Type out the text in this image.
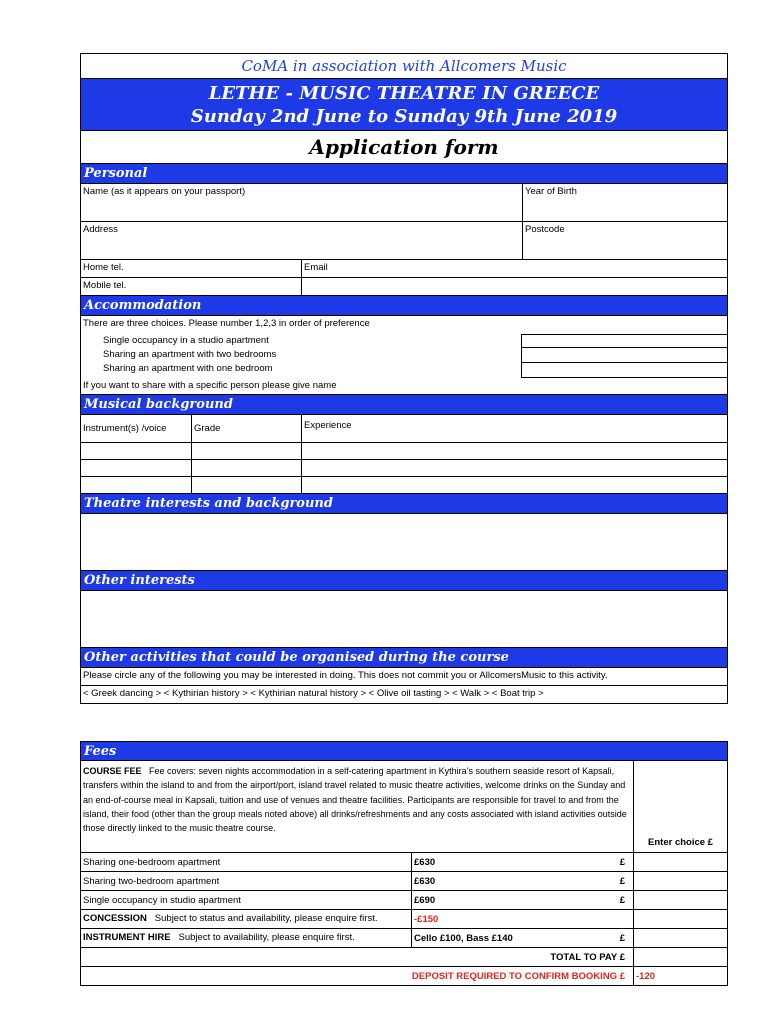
CoMA in association with Allcomers Music
LETHE - MUSIC THEATRE IN GREECE
Sunday 2nd June to Sunday 9th June 2019
Application form
Personal
Name (as it appears on your passport)	Year of Birth
Address	Postcode
Home tel.	Email
Mobile tel.
Accommodation
There are three choices. Please number 1,2,3 in order of preference
Single occupancy in a studio apartment
Sharing an apartment with two bedrooms
Sharing an apartment with one bedroom
If you want to share with a specific person please give name
Musical background
Instrument(s) /voice	Grade	Experience
Theatre interests and background
Other interests
Other activities that could be organised during the course
Please circle any of the following you may be interested in doing. This does not commit you or AllcomersMusic to this activity.
< Greek dancing > < Kythirian history > < Kythirian natural history > < Olive oil tasting > < Walk > < Boat trip >
Fees
COURSE FEE Fee covers: seven nights accommodation in a self-catering apartment in Kythira’s southern seaside resort of Kapsali, transfers within the island to and from the airport/port, island travel related to music theatre activities, welcome drinks on the Sunday and an end-of-course meal in Kapsali, tuition and use of venues and theatre facilities. Participants are responsible for travel to and from the island, their food (other than the group meals noted above) all drinks/refreshments and any costs associated with island activities outside those directly linked to the music theatre course.
Enter choice £
Sharing one-bedroom apartment	£630	£
Sharing two-bedroom apartment	£630	£
Single occupancy in studio apartment	£690	£
CONCESSION Subject to status and availability, please enquire first.	-£150
INSTRUMENT HIRE Subject to availability, please enquire first.	Cello £100, Bass £140	£
TOTAL TO PAY £
DEPOSIT REQUIRED TO CONFIRM BOOKING £	-120
